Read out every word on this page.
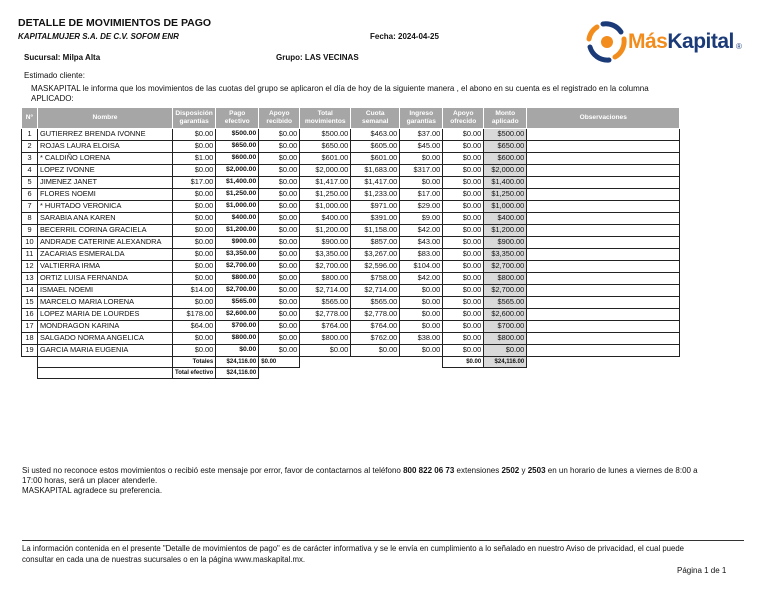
DETALLE DE MOVIMIENTOS DE PAGO
KAPITALMUJER S.A. DE C.V. SOFOM ENR	Fecha: 2024-04-25
Sucursal: Milpa Alta	Grupo: LAS VECINAS
MásKapital ®
Estimado cliente:
MASKAPITAL le informa que los movimientos de las cuotas del grupo se aplicaron el día de hoy de la siguiente manera , el abono en su cuenta es el registrado en la columna APLICADO:
N°	Nombre	Disposición garantías	Pago efectivo	Apoyo recibido	Total movimientos	Cuota semanal	Ingreso garantías	Apoyo ofrecido	Monto aplicado	Observaciones
1	GUTIERREZ BRENDA IVONNE	$0.00	$500.00	$0.00	$500.00	$463.00	$37.00	$0.00	$500.00	
2	ROJAS LAURA ELOISA	$0.00	$650.00	$0.00	$650.00	$605.00	$45.00	$0.00	$650.00	
3	* CALDIÑO LORENA	$1.00	$600.00	$0.00	$601.00	$601.00	$0.00	$0.00	$600.00	
4	LOPEZ IVONNE	$0.00	$2,000.00	$0.00	$2,000.00	$1,683.00	$317.00	$0.00	$2,000.00	
5	JIMENEZ JANET	$17.00	$1,400.00	$0.00	$1,417.00	$1,417.00	$0.00	$0.00	$1,400.00	
6	FLORES NOEMI	$0.00	$1,250.00	$0.00	$1,250.00	$1,233.00	$17.00	$0.00	$1,250.00	
7	* HURTADO VERONICA	$0.00	$1,000.00	$0.00	$1,000.00	$971.00	$29.00	$0.00	$1,000.00	
8	SARABIA ANA KAREN	$0.00	$400.00	$0.00	$400.00	$391.00	$9.00	$0.00	$400.00	
9	BECERRIL CORINA GRACIELA	$0.00	$1,200.00	$0.00	$1,200.00	$1,158.00	$42.00	$0.00	$1,200.00	
10	ANDRADE CATERINE ALEXANDRA	$0.00	$900.00	$0.00	$900.00	$857.00	$43.00	$0.00	$900.00	
11	ZACARIAS ESMERALDA	$0.00	$3,350.00	$0.00	$3,350.00	$3,267.00	$83.00	$0.00	$3,350.00	
12	VALTIERRA IRMA	$0.00	$2,700.00	$0.00	$2,700.00	$2,596.00	$104.00	$0.00	$2,700.00	
13	ORTIZ LUISA FERNANDA	$0.00	$800.00	$0.00	$800.00	$758.00	$42.00	$0.00	$800.00	
14	ISMAEL NOEMI	$14.00	$2,700.00	$0.00	$2,714.00	$2,714.00	$0.00	$0.00	$2,700.00	
15	MARCELO MARIA LORENA	$0.00	$565.00	$0.00	$565.00	$565.00	$0.00	$0.00	$565.00	
16	LOPEZ MARIA DE LOURDES	$178.00	$2,600.00	$0.00	$2,778.00	$2,778.00	$0.00	$0.00	$2,600.00	
17	MONDRAGON KARINA	$64.00	$700.00	$0.00	$764.00	$764.00	$0.00	$0.00	$700.00	
18	SALGADO NORMA ANGELICA	$0.00	$800.00	$0.00	$800.00	$762.00	$38.00	$0.00	$800.00	
19	GARCIA MARIA EUGENIA	$0.00	$0.00	$0.00	$0.00	$0.00	$0.00	$0.00	$0.00	
		Totales	$24,116.00	$0.00				$0.00	$24,116.00	
		Total efectivo	$24,116.00							
Si usted no reconoce estos movimientos o recibió este mensaje por error, favor de contactarnos al teléfono 800 822 06 73 extensiones 2502 y 2503 en un horario de lunes a viernes de 8:00 a 17:00 horas, será un placer atenderle.
MASKAPITAL agradece su preferencia.
La información contenida en el presente "Detalle de movimientos de pago" es de carácter informativa y se le envía en cumplimiento a lo señalado en nuestro Aviso de privacidad, el cual puede consultar en cada una de nuestras sucursales o en la página www.maskapital.mx.
Página 1 de 1
